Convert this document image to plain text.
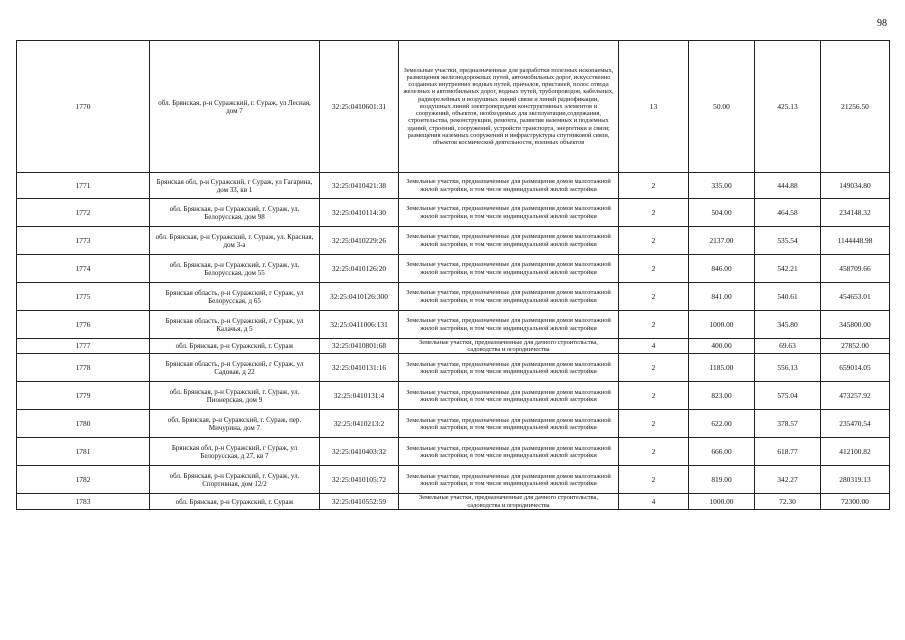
98
1770	обл. Брянская, р-н Суражский, г. Сураж, ул Лесная, дом 7	32:25:0410601:31	Земельные участки, предназначенные для разработки полезных ископаемых, размещения железнодорожных путей, автомобильных дорог, искусственно созданных внутренних водных путей, причалов, пристаней, полос отвода железных и автомобильных дорог, водных путей, трубопроводов, кабельных, радиорелейных и воздушных линий связи и линий радиофикации, воздушных линий электропередачи конструктивных элементов и сооружений, объектов, необходимых для эксплуатации,содержания, строительства, реконструкции, ремонта, развития наземных и подземных зданий, строений, сооружений, устройств транспорта, энергетики и связи; размещения наземных сооружений и инфраструктуры спутниковой связи, объектов космической деятельности, военных объектов	13	50.00	425.13	21256.50
1771	Брянская обл, р-н Суражский, г Сураж, ул Гагарина, дом 33, кв 1	32:25:0410421:38	Земельные участки, предназначенные для размещения домов малоэтажной жилой застройки, в том числе индивидуальной жилой застройки	2	335.00	444.88	149034.80
1772	обл. Брянская, р-н Суражский, г. Сураж, ул. Белорусская, дом 98	32:25:0410114:30	Земельные участки, предназначенные для размещения домов малоэтажной жилой застройки, в том числе индивидуальной жилой застройки	2	504.00	464.58	234148.32
1773	обл. Брянская, р-н Суражский, г. Сураж, ул. Красная, дом 3-а	32:25:0410229:26	Земельные участки, предназначенные для размещения домов малоэтажной жилой застройки, в том числе индивидуальной жилой застройки	2	2137.00	535.54	1144448.98
1774	обл. Брянская, р-н Суражский, г. Сураж, ул. Белорусская, дом 55	32:25:0410126:20	Земельные участки, предназначенные для размещения домов малоэтажной жилой застройки, в том числе индивидуальной жилой застройки	2	846.00	542.21	458709.66
1775	Брянская область, р-н Суражский, г Сураж, ул Белорусская, д 65	32:25:0410126:300	Земельные участки, предназначенные для размещения домов малоэтажной жилой застройки, в том числе индивидуальной жилой застройки	2	841.00	540.61	454653.01
1776	Брянская область, р-н Суражский, г Сураж, ул Калачья, д 5	32:25:0411006:131	Земельные участки, предназначенные для размещения домов малоэтажной жилой застройки, в том числе индивидуальной жилой застройки	2	1000.00	345.80	345800.00
1777	обл. Брянская, р-н Суражский, г. Сураж	32:25:0410801:68	Земельные участки, предназначенные для дачного строительства, садоводства и огородничества	4	400.00	69.63	27852.00
1778	Брянская область, р-н Суражский, г Сураж, ул Садовая, д 22	32:25:0410131:16	Земельные участки, предназначенные для размещения домов малоэтажной жилой застройки, в том числе индивидуальной жилой застройки	2	1185.00	556.13	659014.05
1779	обл. Брянская, р-н Суражский, г. Сураж, ул. Пионерская, дом 9	32:25:0410131:4	Земельные участки, предназначенные для размещения домов малоэтажной жилой застройки, в том числе индивидуальной жилой застройки	2	823.00	575.04	473257.92
1780	обл. Брянская, р-н Суражский, г. Сураж, пер. Мичурина, дом 7	32:25:0410213:2	Земельные участки, предназначенные для размещения домов малоэтажной жилой застройки, в том числе индивидуальной жилой застройки	2	622.00	378.57	235470.54
1781	Брянская обл, р-н Суражский, г Сураж, ул Белорусская, д 27, кв 7	32:25:0410403:32	Земельные участки, предназначенные для размещения домов малоэтажной жилой застройки, в том числе индивидуальной жилой застройки	2	666.00	618.77	412100.82
1782	обл. Брянская, р-н Суражский, г. Сураж, ул. Спортивная, дом 12/2	32:25:0410105:72	Земельные участки, предназначенные для размещения домов малоэтажной жилой застройки, в том числе индивидуальной жилой застройки	2	819.00	342.27	280319.13
1783	обл. Брянская, р-н Суражский, г. Сураж	32:25:0410552:59	Земельные участки, предназначенные для дачного строительства, садоводства и огородничества	4	1000.00	72.30	72300.00
